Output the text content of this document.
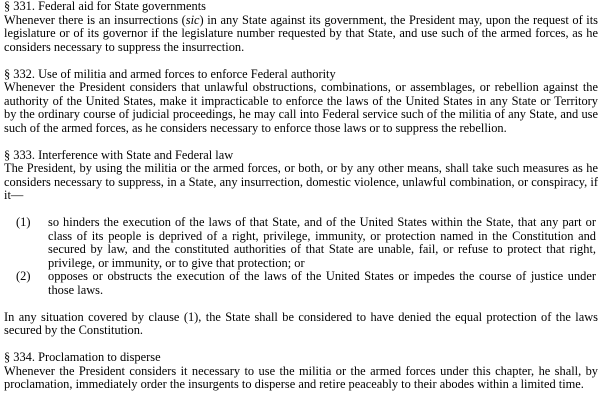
§ 331. Federal aid for State governments

Whenever there is an insurrections (sic) in any State against its government, the President may, upon the request of its legislature or of its governor if the legislature number requested by that State, and use such of the armed forces, as he considers necessary to suppress the insurrection.

§ 332. Use of militia and armed forces to enforce Federal authority

Whenever the President considers that unlawful obstructions, combinations, or assemblages, or rebellion against the authority of the United States, make it impracticable to enforce the laws of the United States in any State or Territory by the ordinary course of judicial proceedings, he may call into Federal service such of the militia of any State, and use such of the armed forces, as he considers necessary to enforce those laws or to suppress the rebellion.

§ 333. Interference with State and Federal law

The President, by using the militia or the armed forces, or both, or by any other means, shall take such measures as he considers necessary to suppress, in a State, any insurrection, domestic violence, unlawful combination, or conspiracy, if it—

(1)	so hinders the execution of the laws of that State, and of the United States within the State, that any part or class of its people is deprived of a right, privilege, immunity, or protection named in the Constitution and secured by law, and the constituted authorities of that State are unable, fail, or refuse to protect that right, privilege, or immunity, or to give that protection; or
(2)	opposes or obstructs the execution of the laws of the United States or impedes the course of justice under those laws.

In any situation covered by clause (1), the State shall be considered to have denied the equal protection of the laws secured by the Constitution.

§ 334. Proclamation to disperse

Whenever the President considers it necessary to use the militia or the armed forces under this chapter, he shall, by proclamation, immediately order the insurgents to disperse and retire peaceably to their abodes within a limited time.
